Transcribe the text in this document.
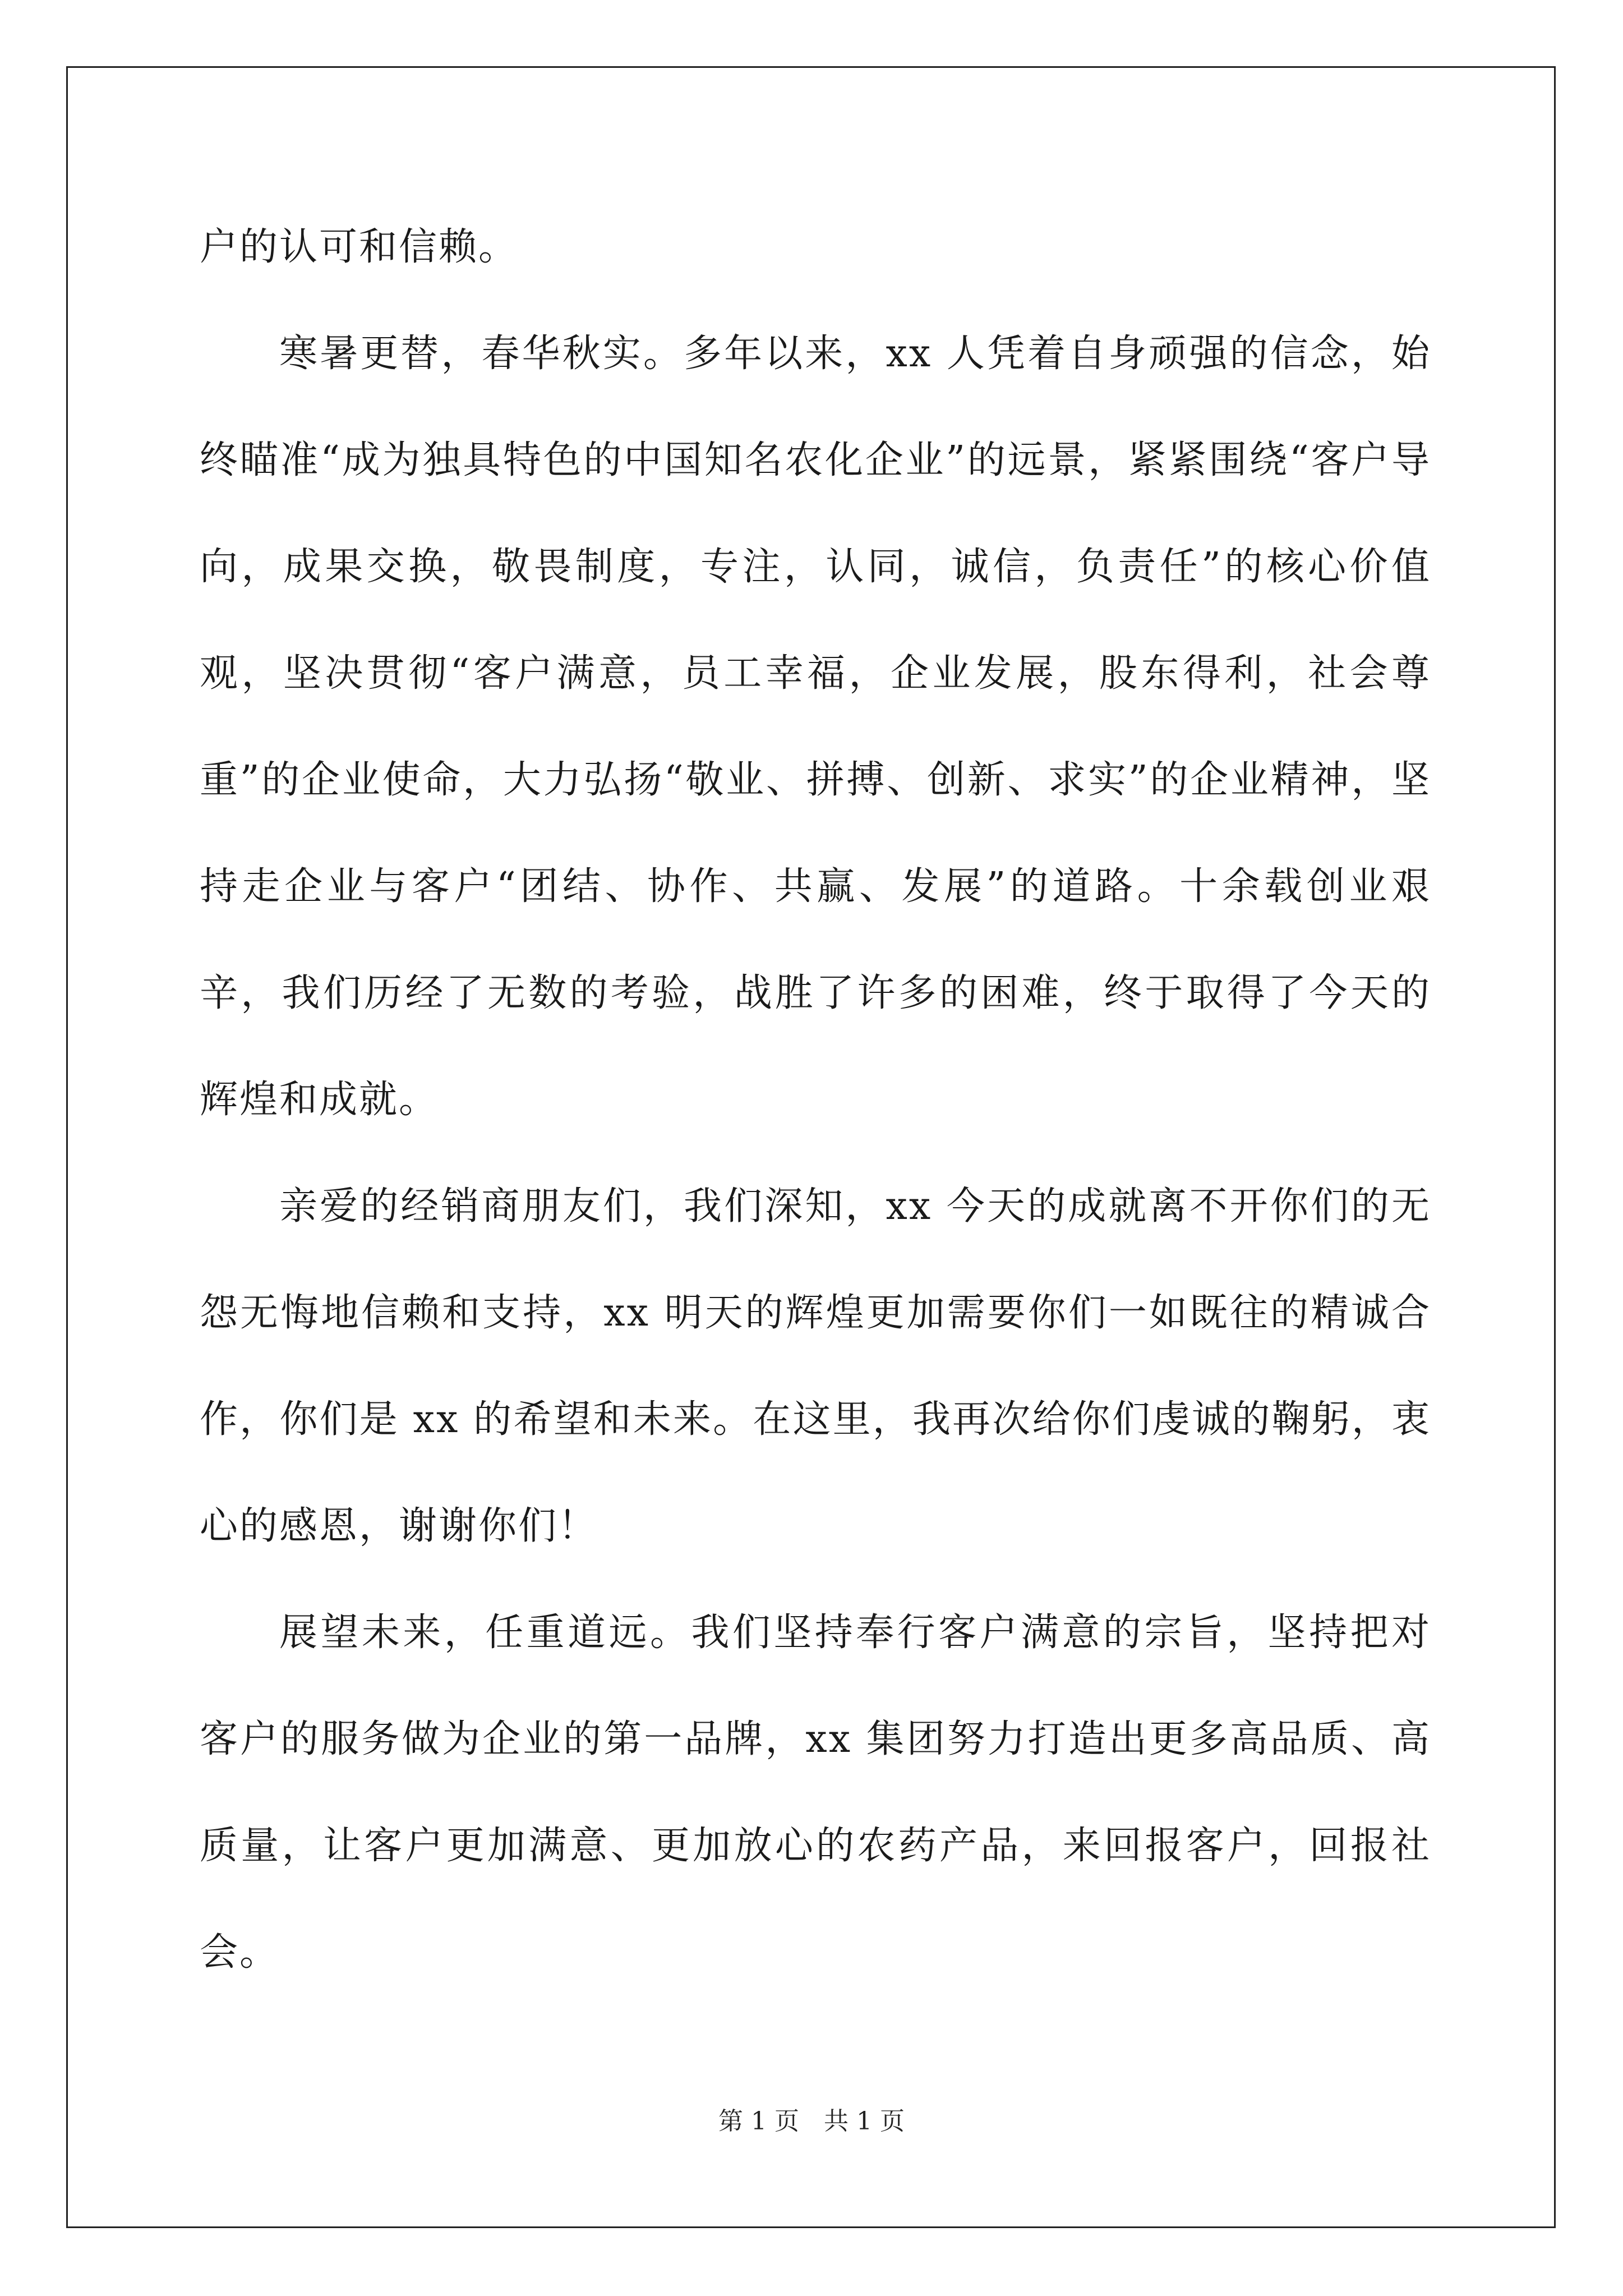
户的认可和信赖。

寒暑更替，春华秋实。多年以来，xx 人凭着自身顽强的信念，始终瞄准“成为独具特色的中国知名农化企业”的远景，紧紧围绕“客户导向，成果交换，敬畏制度，专注，认同，诚信，负责任”的核心价值观，坚决贯彻“客户满意，员工幸福，企业发展，股东得利，社会尊重”的企业使命，大力弘扬“敬业、拼搏、创新、求实”的企业精神，坚持走企业与客户“团结、协作、共赢、发展”的道路。十余载创业艰辛，我们历经了无数的考验，战胜了许多的困难，终于取得了今天的辉煌和成就。

亲爱的经销商朋友们，我们深知，xx 今天的成就离不开你们的无怨无悔地信赖和支持，xx 明天的辉煌更加需要你们一如既往的精诚合作，你们是 xx 的希望和未来。在这里，我再次给你们虔诚的鞠躬，衷心的感恩，谢谢你们！

展望未来，任重道远。我们坚持奉行客户满意的宗旨，坚持把对客户的服务做为企业的第一品牌，xx 集团努力打造出更多高品质、高质量，让客户更加满意、更加放心的农药产品，来回报客户，回报社会。

第 1 页　共 1 页
